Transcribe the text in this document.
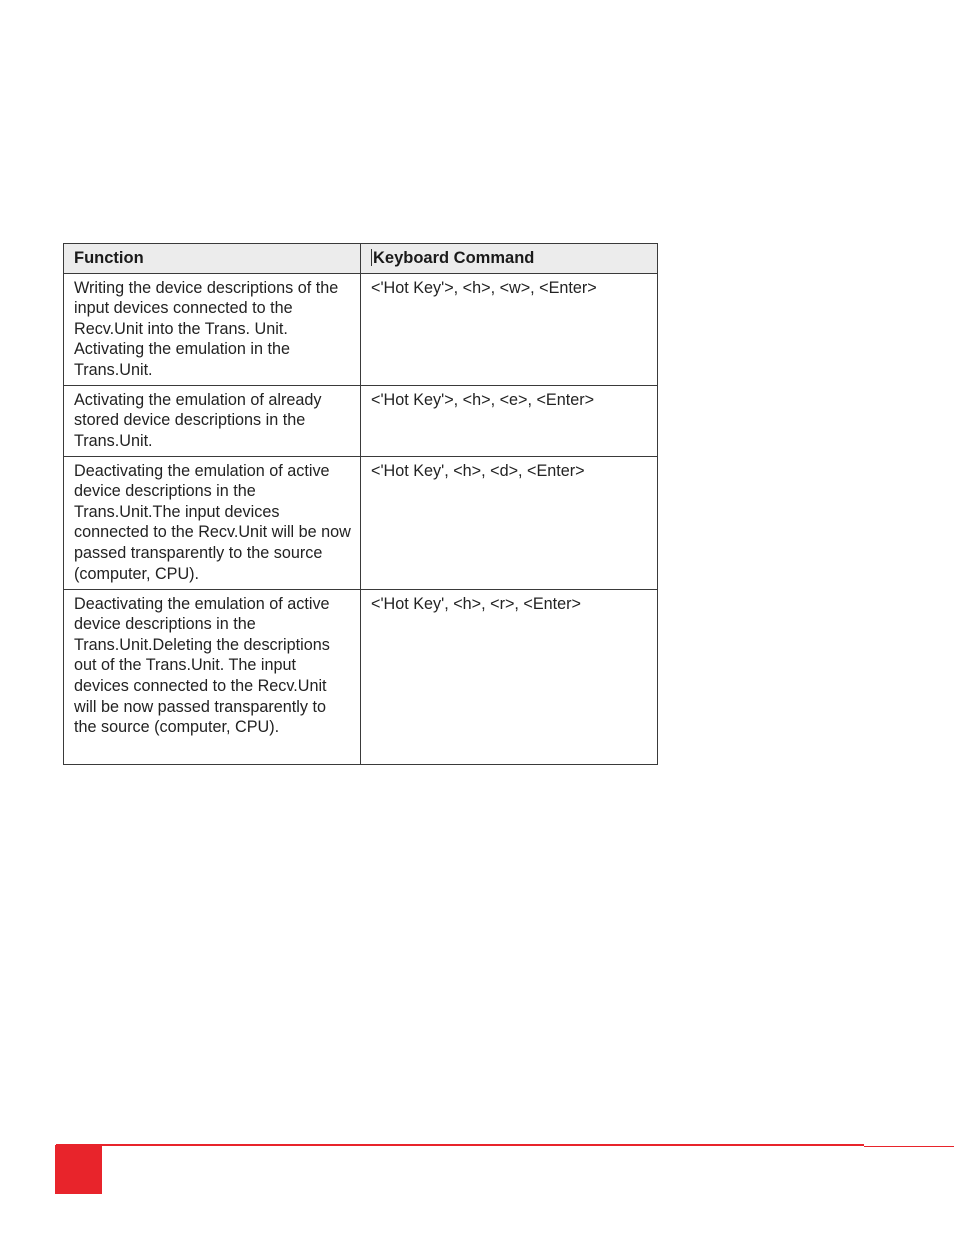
Function	Keyboard Command
Writing the device descriptions of the input devices connected to the Recv.Unit into the Trans. Unit. Activating the emulation in the Trans.Unit.	<'Hot Key'>, <h>, <w>, <Enter>
Activating the emulation of already stored device descriptions in the Trans.Unit.	<'Hot Key'>, <h>, <e>, <Enter>
Deactivating the emulation of active device descriptions in the Trans.Unit.The input devices connected to the Recv.Unit will be now passed transparently to the source (computer, CPU).	<'Hot Key', <h>, <d>, <Enter>
Deactivating the emulation of active device descriptions in the Trans.Unit.Deleting the descriptions out of the Trans.Unit. The input devices connected to the Recv.Unit will be now passed transparently to the source (computer, CPU).	<'Hot Key', <h>, <r>, <Enter>
